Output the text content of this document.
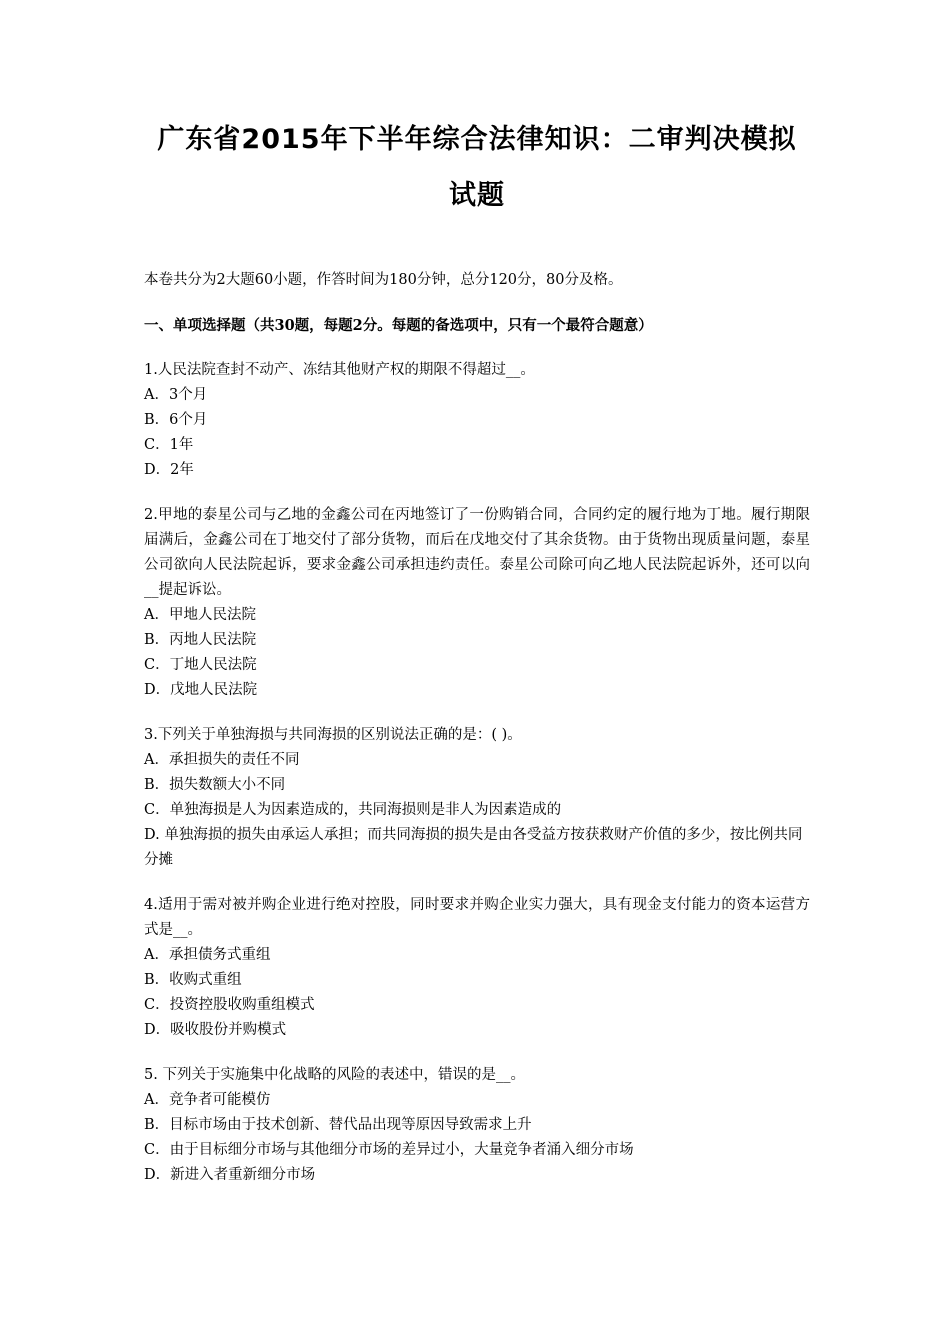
广东省2015年下半年综合法律知识：二审判决模拟
试题
本卷共分为2大题60小题，作答时间为180分钟，总分120分，80分及格。
一、单项选择题（共30题，每题2分。每题的备选项中，只有一个最符合题意）
1.人民法院查封不动产、冻结其他财产权的期限不得超过__。
A．3个月
B．6个月
C．1年
D．2年
2.甲地的泰星公司与乙地的金鑫公司在丙地签订了一份购销合同，合同约定的履行地为丁地。履行期限届满后，金鑫公司在丁地交付了部分货物，而后在戊地交付了其余货物。由于货物出现质量问题，泰星公司欲向人民法院起诉，要求金鑫公司承担违约责任。泰星公司除可向乙地人民法院起诉外，还可以向__提起诉讼。
A．甲地人民法院
B．丙地人民法院
C．丁地人民法院
D．戊地人民法院
3.下列关于单独海损与共同海损的区别说法正确的是：( )。
A．承担损失的责任不同
B．损失数额大小不同
C．单独海损是人为因素造成的，共同海损则是非人为因素造成的
D. 单独海损的损失由承运人承担；而共同海损的损失是由各受益方按获救财产价值的多少，按比例共同分摊
4.适用于需对被并购企业进行绝对控股，同时要求并购企业实力强大，具有现金支付能力的资本运营方式是__。
A．承担债务式重组
B．收购式重组
C．投资控股收购重组模式
D．吸收股份并购模式
5. 下列关于实施集中化战略的风险的表述中，错误的是__。
A．竞争者可能模仿
B．目标市场由于技术创新、替代品出现等原因导致需求上升
C．由于目标细分市场与其他细分市场的差异过小，大量竞争者涌入细分市场
D．新进入者重新细分市场
